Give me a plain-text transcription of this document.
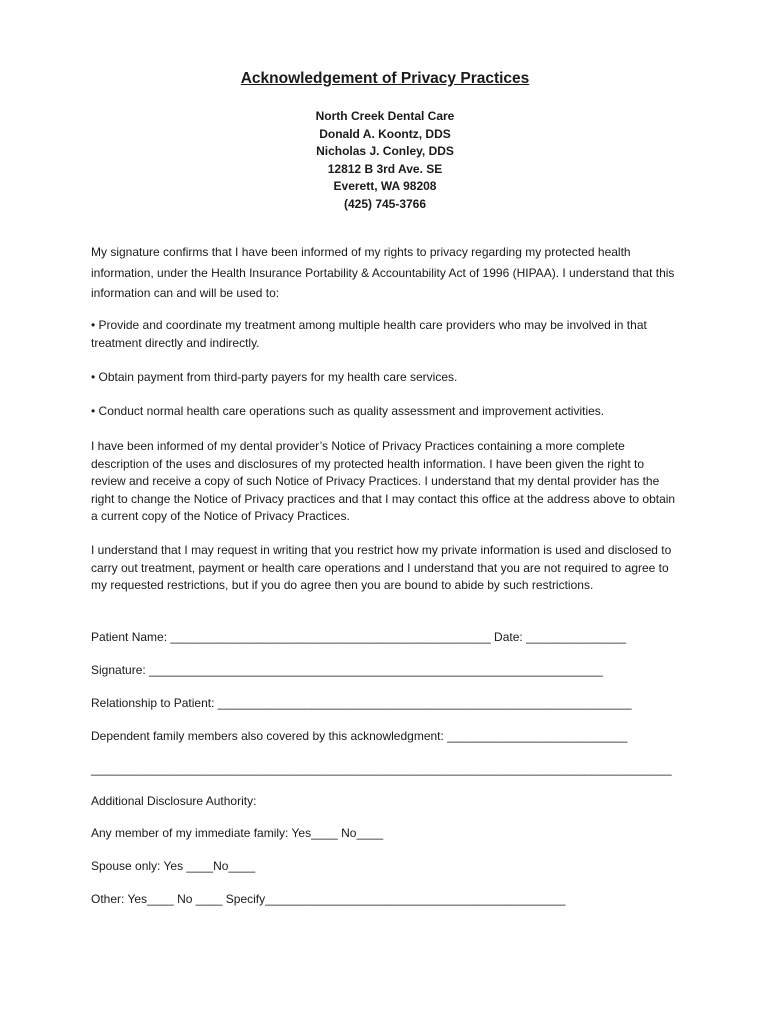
Acknowledgement of Privacy Practices
North Creek Dental Care
Donald A. Koontz, DDS
Nicholas J. Conley, DDS
12812 B 3rd Ave. SE
Everett, WA 98208
(425) 745-3766

My signature confirms that I have been informed of my rights to privacy regarding my protected health information, under the Health Insurance Portability & Accountability Act of 1996 (HIPAA). I understand that this information can and will be used to:

• Provide and coordinate my treatment among multiple health care providers who may be involved in that treatment directly and indirectly.

• Obtain payment from third-party payers for my health care services.

• Conduct normal health care operations such as quality assessment and improvement activities.

I have been informed of my dental provider’s Notice of Privacy Practices containing a more complete description of the uses and disclosures of my protected health information. I have been given the right to review and receive a copy of such Notice of Privacy Practices. I understand that my dental provider has the right to change the Notice of Privacy practices and that I may contact this office at the address above to obtain a current copy of the Notice of Privacy Practices.

I understand that I may request in writing that you restrict how my private information is used and disclosed to carry out treatment, payment or health care operations and I understand that you are not required to agree to my requested restrictions, but if you do agree then you are bound to abide by such restrictions.

Patient Name: ________________________________________________ Date: _______________

Signature: ____________________________________________________________________

Relationship to Patient: ______________________________________________________________

Dependent family members also covered by this acknowledgment: ___________________________

_______________________________________________________________________________________

Additional Disclosure Authority:

Any member of my immediate family: Yes____ No____

Spouse only: Yes ____No____

Other: Yes____ No ____ Specify_____________________________________________
